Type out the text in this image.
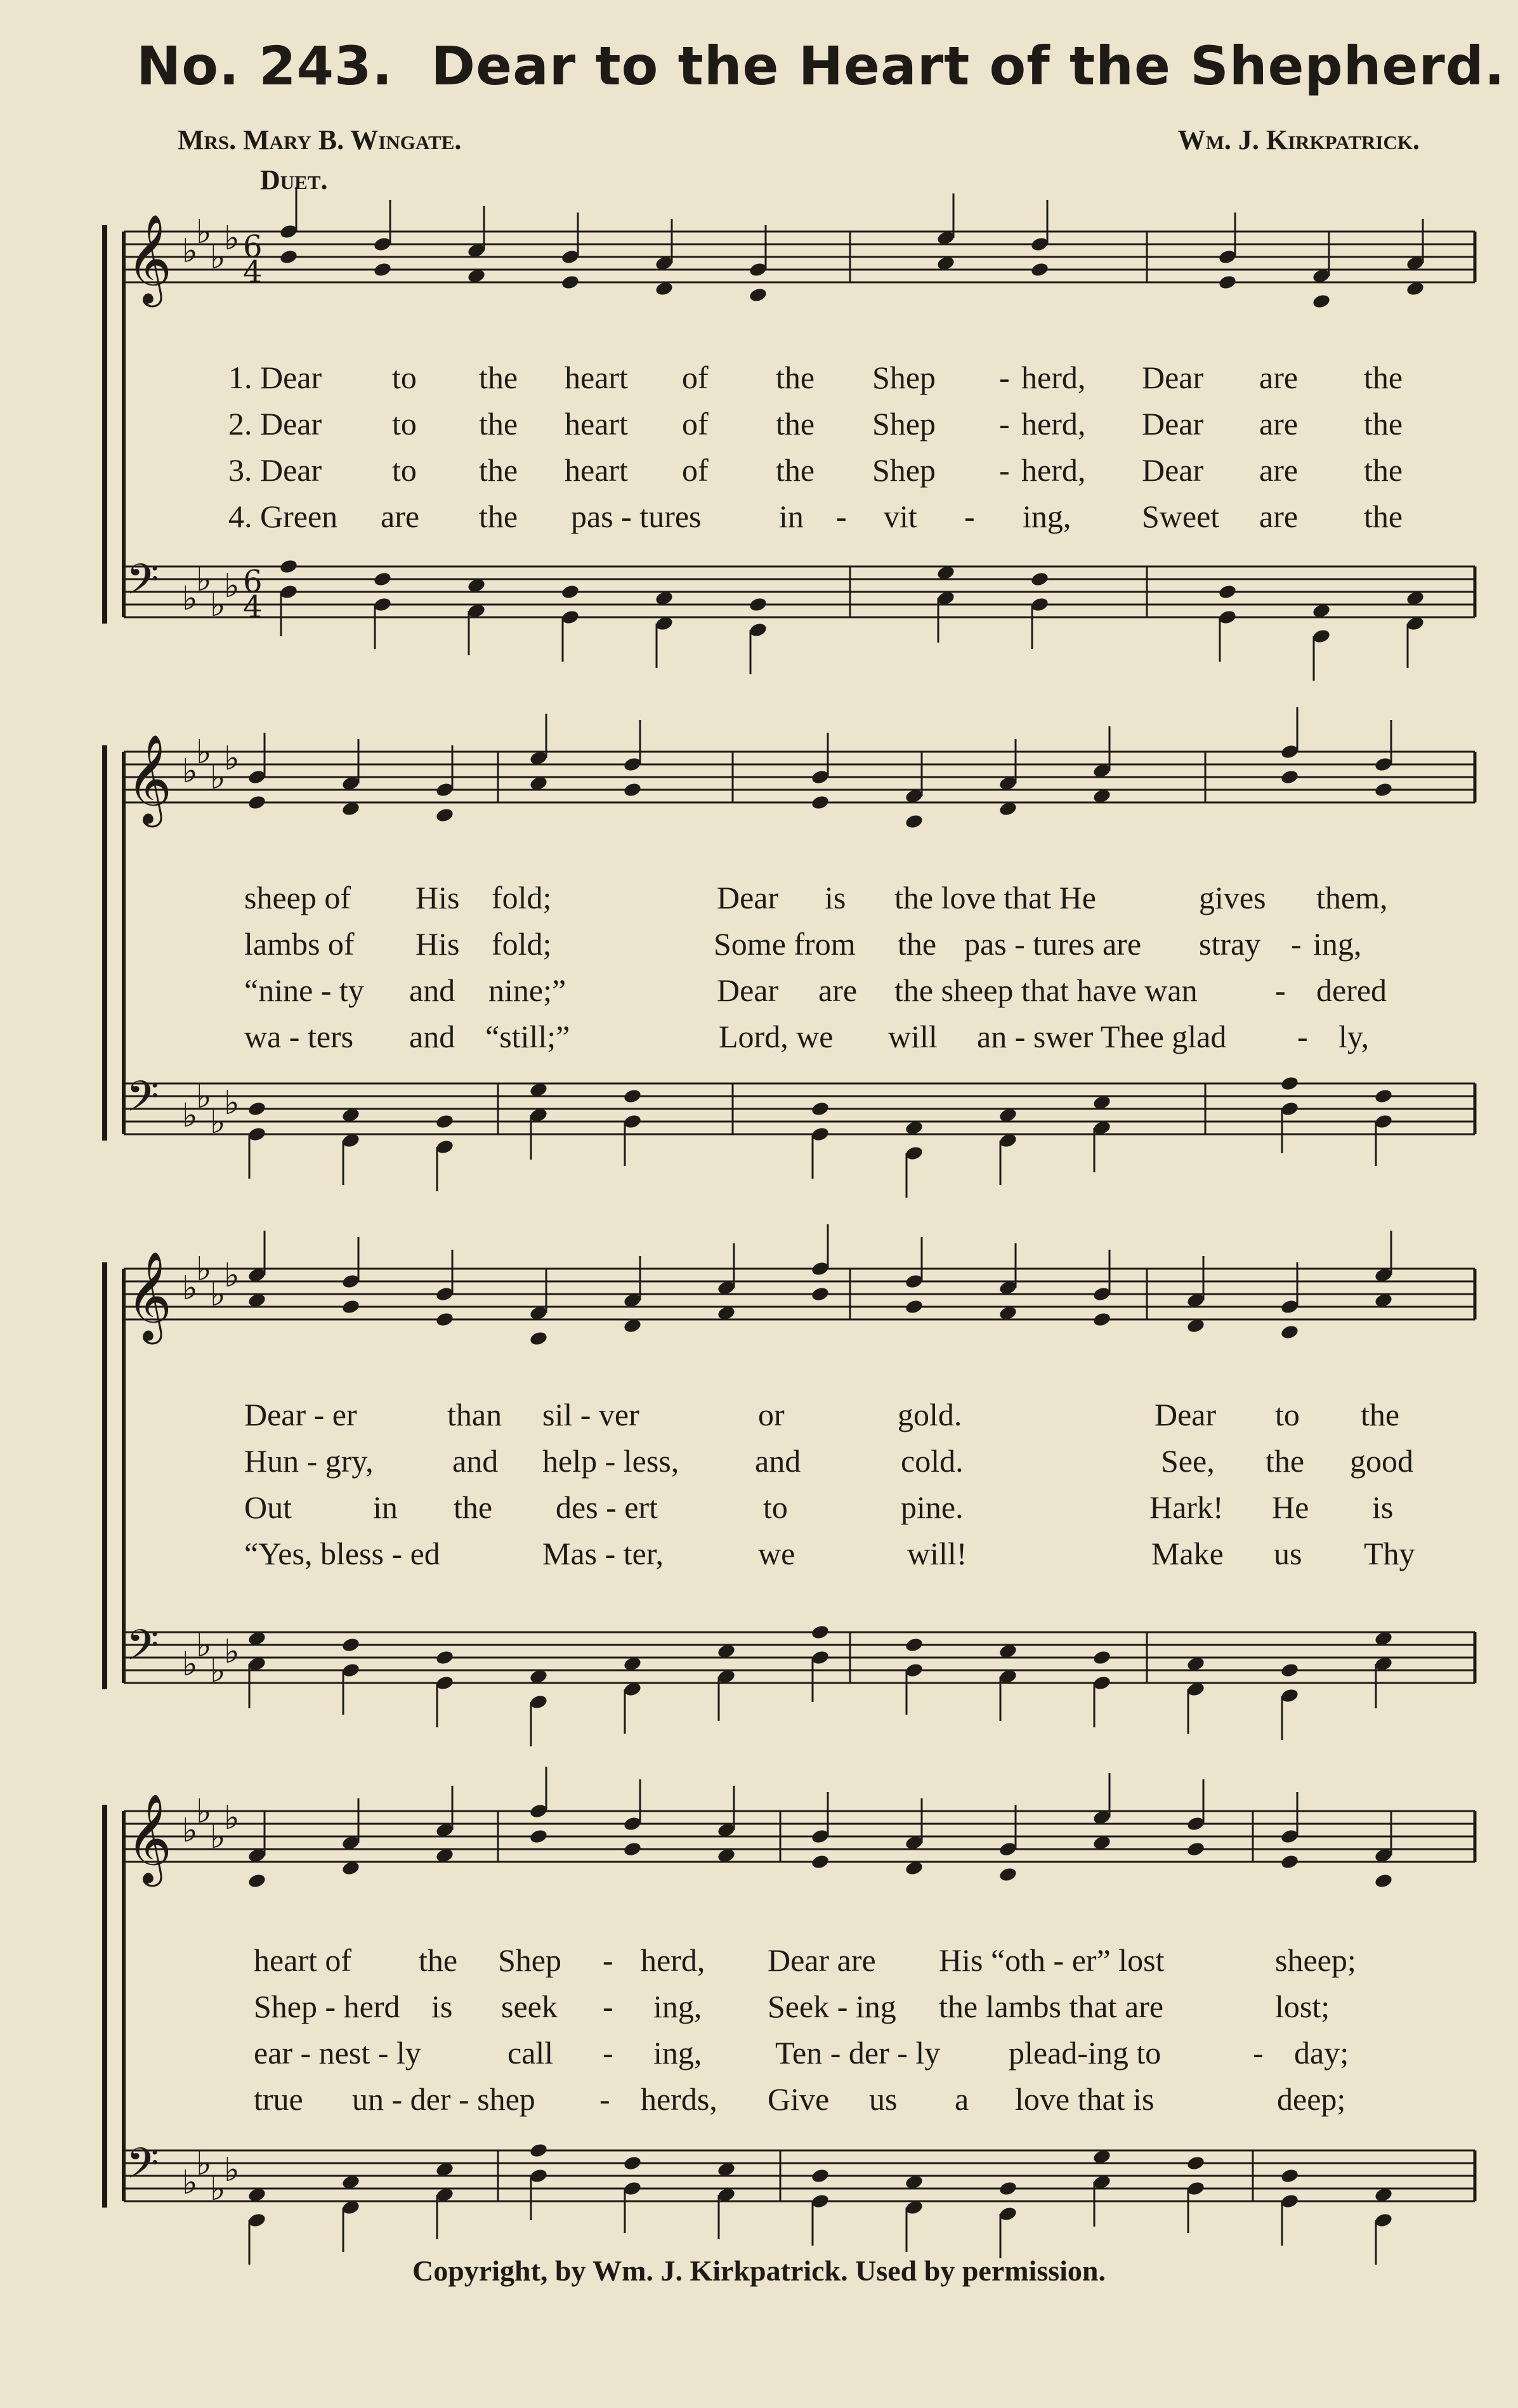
No. 243. Dear to the Heart of the Shepherd.
Mrs. Mary B. Wingate.	Wm. J. Kirkpatrick.
Duet.
𝄞 ♭
♭
♭
♭ 6
4
𝄢 ♭
♭
♭
♭ 6
4
𝄞 ♭
♭
♭
♭
𝄢 ♭
♭
♭
♭
𝄞 ♭
♭
♭
♭
𝄢 ♭
♭
♭
♭
𝄞 ♭
♭
♭
♭
𝄢 ♭
♭
♭
♭
1. Dear to the heart of the Shep - herd, Dear are the
2. Dear to the heart of the Shep - herd, Dear are the
3. Dear to the heart of the Shep - herd, Dear are the
4. Green are the pas - tures in - vit - ing, Sweet are the
sheep of His fold;	Dear is the love that He	gives them,
lambs of His fold;	Some from the pas - tures are stray - ing,
“nine - ty and nine;”	Dear are the sheep that have wan - dered
wa - ters and “still;”	Lord, we will an - swer Thee glad - ly,
Dear - er	than sil - ver	or	gold.	Dear to the
Hun - gry, and help - less, and	cold.	See, the good
Out	in the des - ert	to	pine.	Hark! He is
“Yes, bless - ed	Mas - ter,	we	will!	Make us Thy
heart of the Shep - herd, Dear are His “oth - er” lost	sheep;
Shep - herd is seek - ing, Seek - ing the lambs that are	lost;
ear - nest - ly	call - ing, Ten - der - ly plead-ing to	- day;
true un - der - shep - herds, Give us a love that is	deep;
Copyright, by Wm. J. Kirkpatrick. Used by permission.
